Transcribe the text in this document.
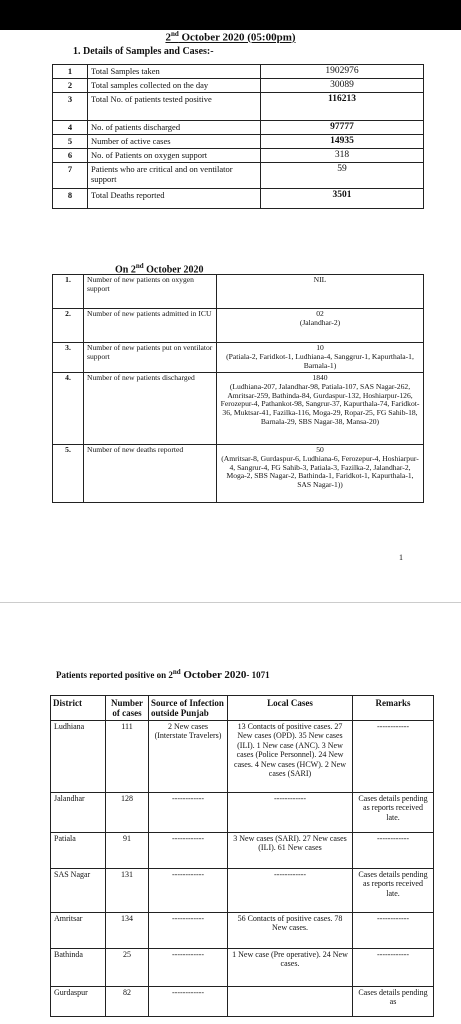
2nd October 2020 (05:00pm)
1. Details of Samples and Cases:-
1	Total Samples taken	1902976
2	Total samples collected on the day	30089
3	Total No. of patients tested positive	116213
4	No. of patients discharged	97777
5	Number of active cases	14935
6	No. of Patients on oxygen support	318
7	Patients who are critical and on ventilator support	59
8	Total Deaths reported	3501
On 2nd October 2020
1.	Number of new patients on oxygen support	NIL

2.	Number of new patients admitted in ICU	02
(Jalandhar-2)

3.	Number of new patients put on ventilator support	10
(Patiala-2, Faridkot-1, Ludhiana-4, Sanggrur-1, Kapurthala-1, Barnala-1)

4.	Number of new patients discharged	1840
(Ludhiana-207, Jalandhar-98, Patiala-107, SAS Nagar-262, Amritsar-259, Bathinda-84, Gurdaspur-132, Hoshiarpur-126, Ferozepur-4, Pathankot-98, Sangrur-37, Kapurthala-74, Faridkot-36, Muktsar-41, Fazilka-116, Moga-29, Ropar-25, FG Sahib-18, Barnala-29, SBS Nagar-38, Mansa-20)

5.	Number of new deaths reported	50
(Amritsar-8, Gurdaspur-6, Ludhiana-6, Ferozepur-4, Hoshiarpur-4, Sangrur-4, FG Sahib-3, Patiala-3, Fazilka-2, Jalandhar-2, Moga-2, SBS Nagar-2, Bathinda-1, Faridkot-1, Kapurthala-1, SAS Nagar-1))
1
Patients reported positive on 2nd October 2020- 1071
District	Number of cases	Source of Infection outside Punjab	Local Cases	Remarks
Ludhiana	111	2 New cases (Interstate Travelers)	13 Contacts of positive cases. 27 New cases (OPD). 35 New cases (ILI). 1 New case (ANC). 3 New cases (Police Personnel). 24 New cases. 4 New cases (HCW). 2 New cases (SARI)	------------
Jalandhar	128	------------	------------	Cases details pending as reports received late.
Patiala	91	------------	3 New cases (SARI). 27 New cases (ILI). 61 New cases	------------
SAS Nagar	131	------------	------------	Cases details pending as reports received late.
Amritsar	134	------------	56 Contacts of positive cases. 78 New cases.	------------
Bathinda	25	------------	1 New case (Pre operative). 24 New cases.	------------
Gurdaspur	82	------------		Cases details pending as
